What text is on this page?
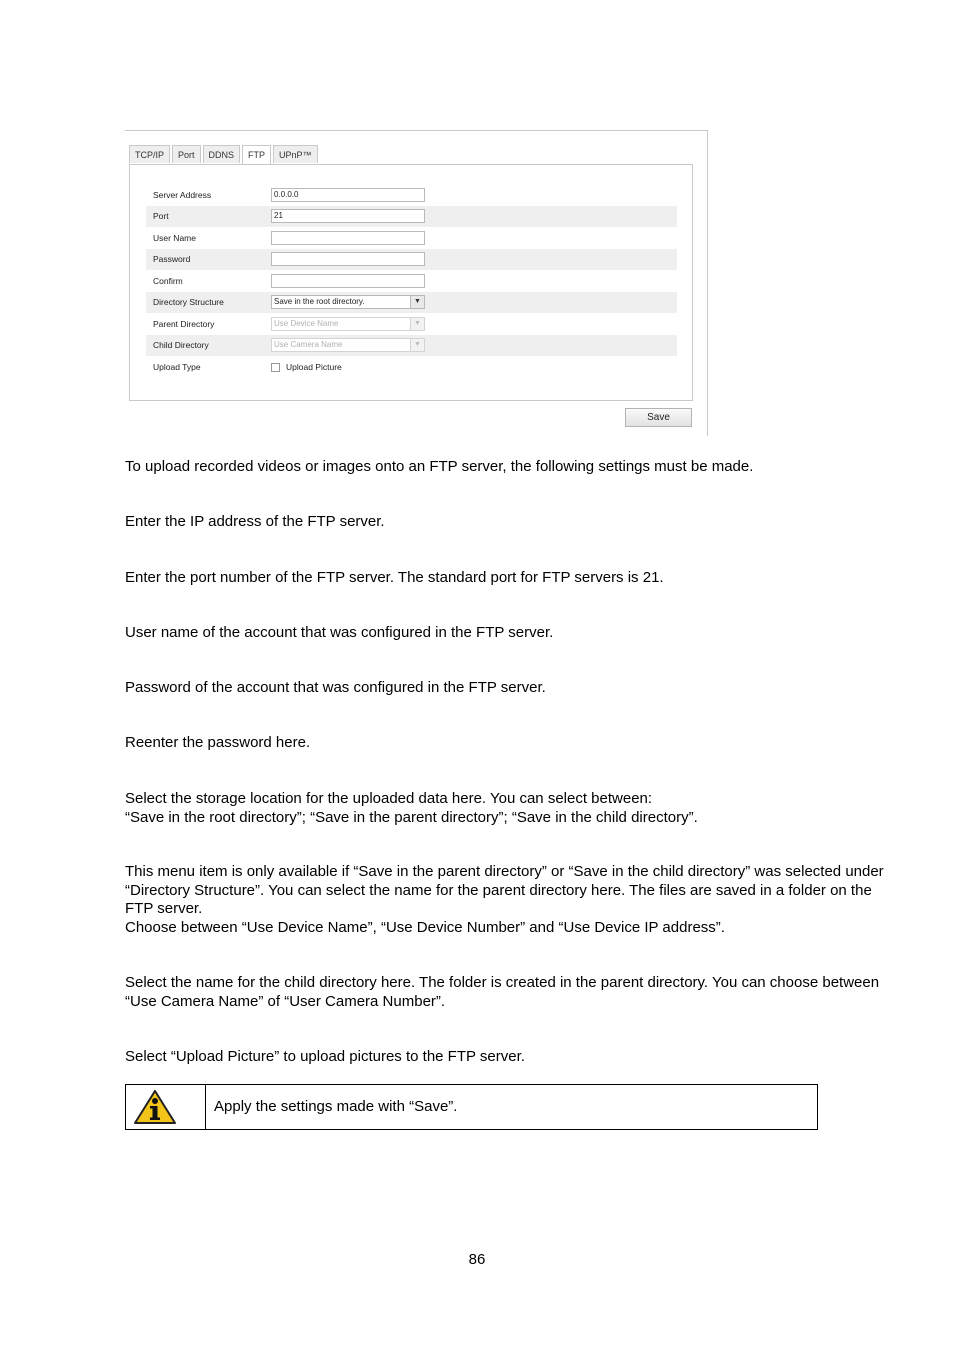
TCP/IP	Port	DDNS	FTP	UPnP™
Server Address	0.0.0.0
Port	21
User Name
Password
Confirm
Directory Structure	Save in the root directory.	▼
Parent Directory	Use Device Name	▼
Child Directory	Use Camera Name	▼
Upload Type	Upload Picture
Save

To upload recorded videos or images onto an FTP server, the following settings must be made.

Enter the IP address of the FTP server.

Enter the port number of the FTP server. The standard port for FTP servers is 21.

User name of the account that was configured in the FTP server.

Password of the account that was configured in the FTP server.

Reenter the password here.

Select the storage location for the uploaded data here. You can select between:
“Save in the root directory”; “Save in the parent directory”; “Save in the child directory”.
This menu item is only available if “Save in the parent directory” or “Save in the child directory” was selected under “Directory Structure”. You can select the name for the parent directory here. The files are saved in a folder on the FTP server.
Choose between “Use Device Name”, “Use Device Number” and “Use Device IP address”.

Select the name for the child directory here. The folder is created in the parent directory. You can choose between “Use Camera Name” of “User Camera Number”.

Select “Upload Picture” to upload pictures to the FTP server.

Apply the settings made with “Save”.
86
